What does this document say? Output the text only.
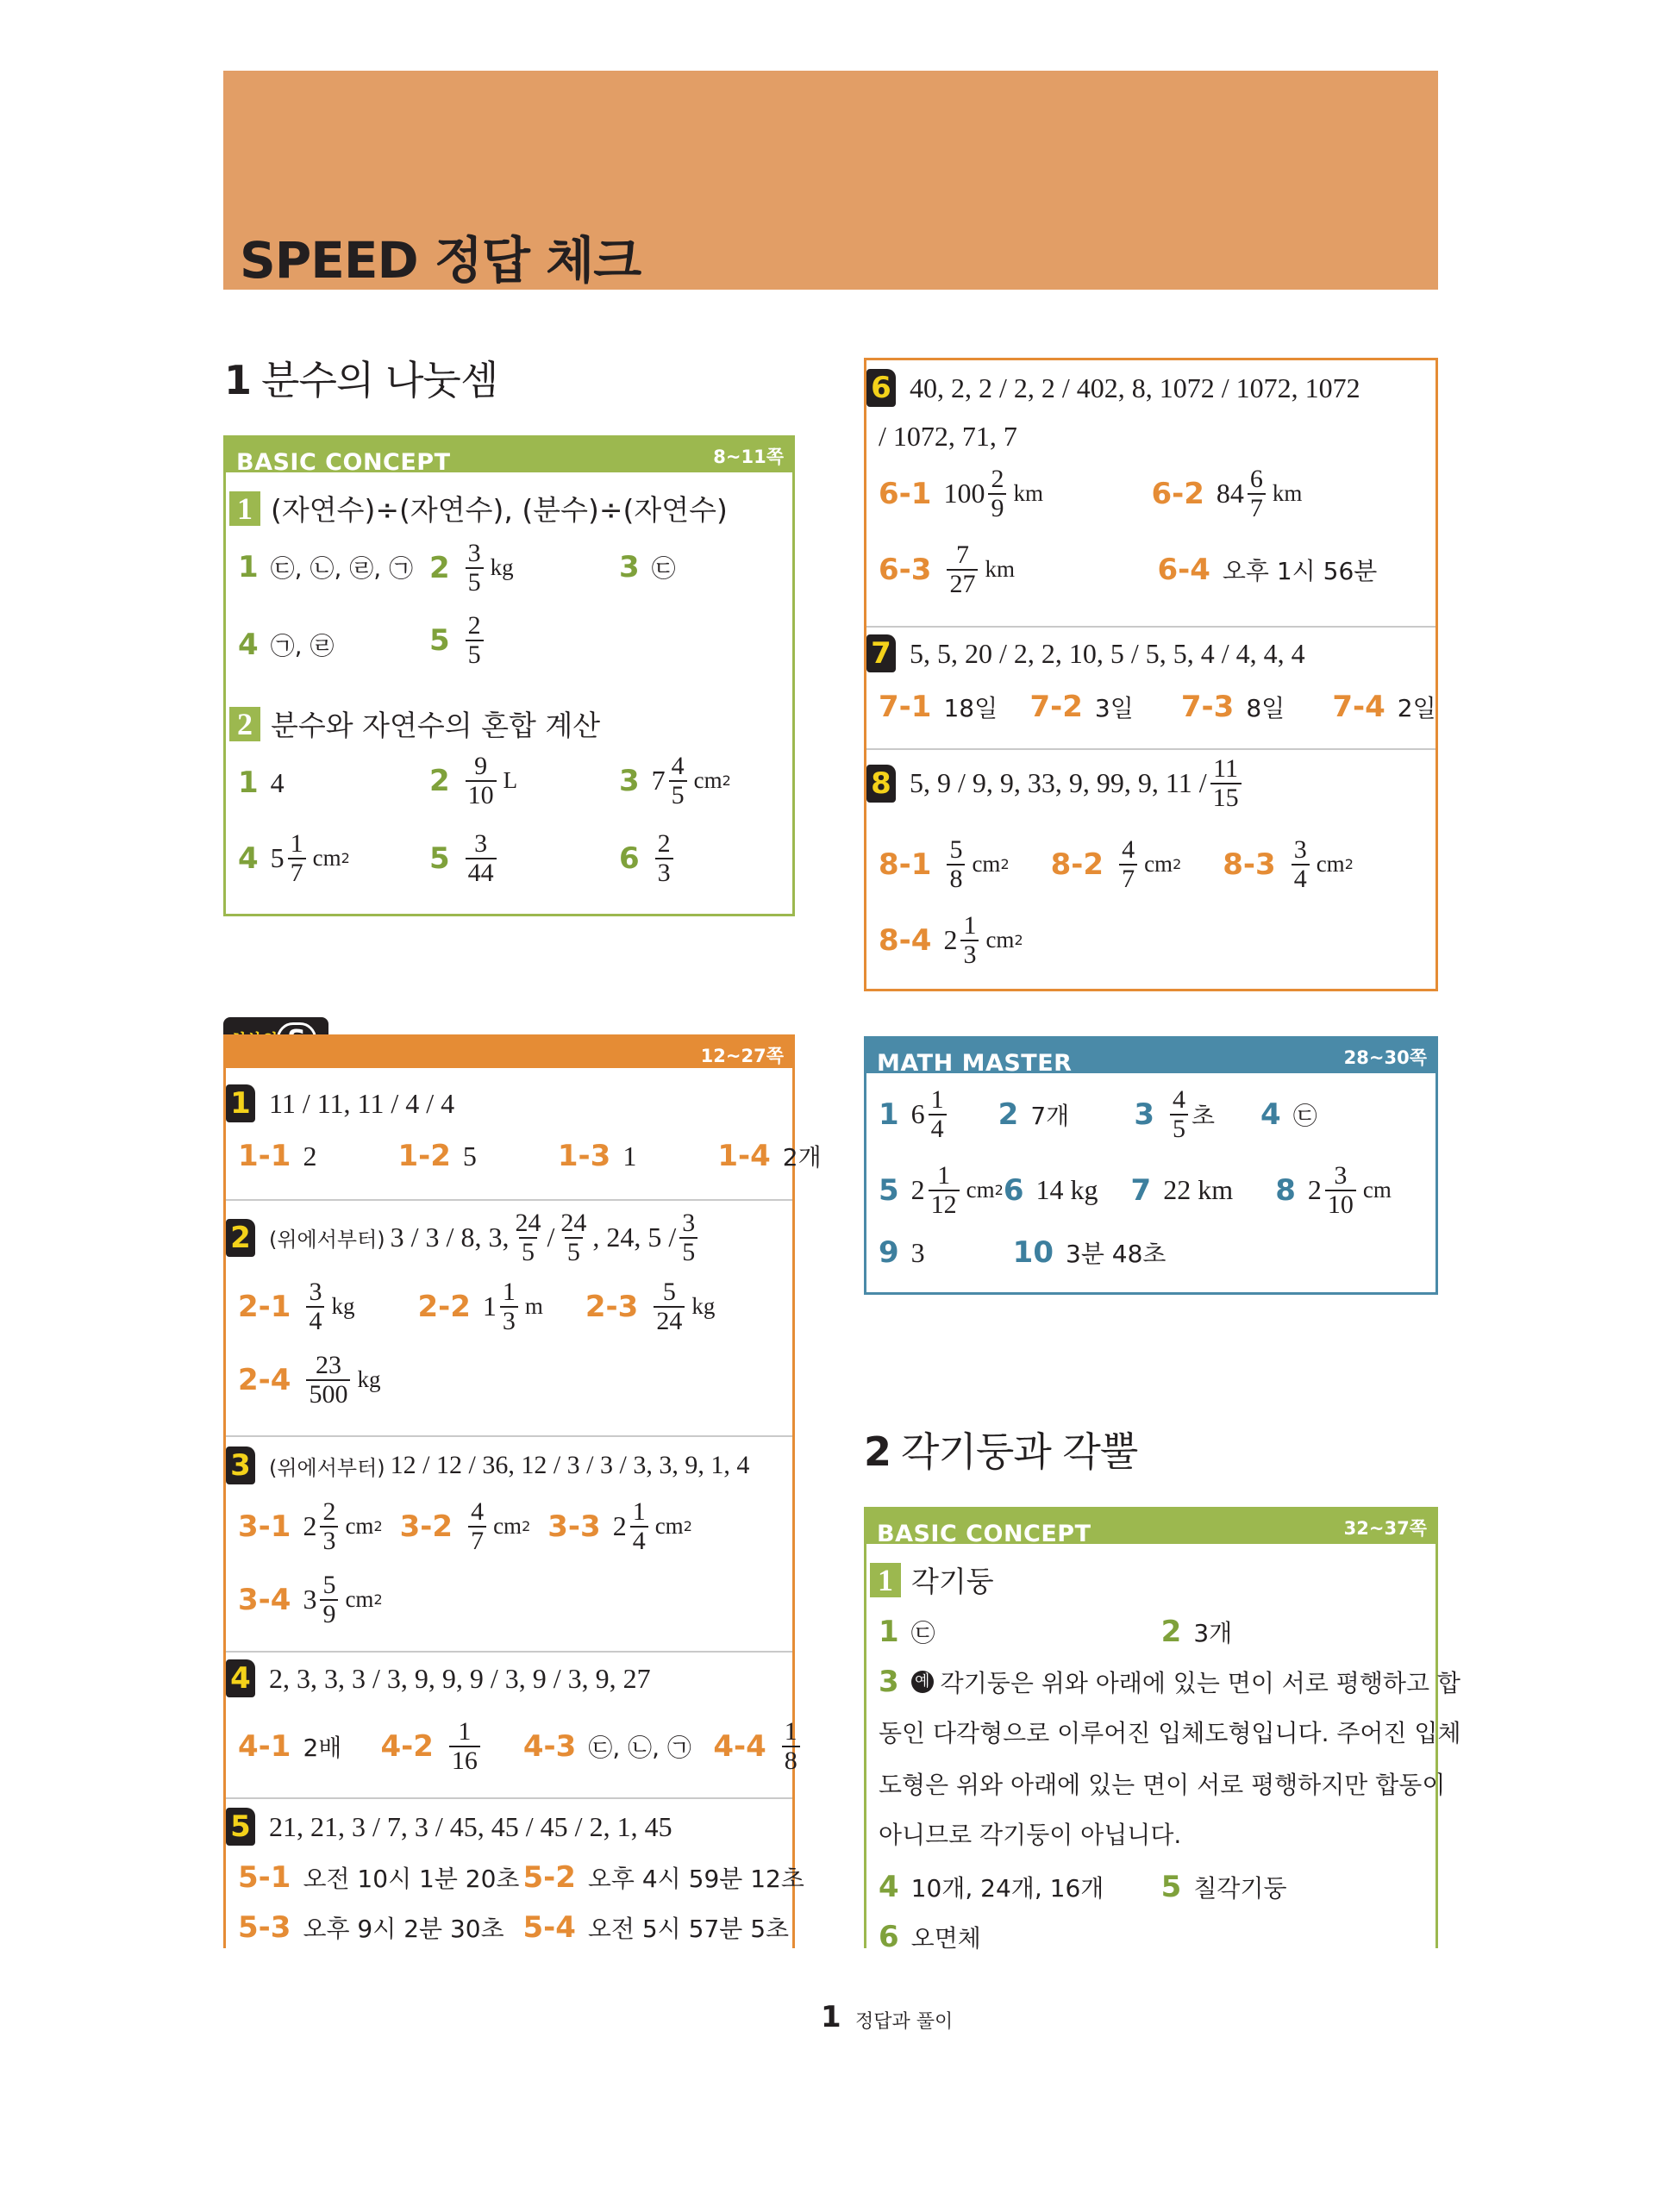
SPEED 정답 체크
1 분수의 나눗셈
BASIC CONCEPT	8~11쪽
1 (자연수)÷(자연수), (분수)÷(자연수)
1 ㉢, ㉡, ㉣, ㉠ $2 \frac{3}{5}$ kg	3 ㉢
4 ㉠, ㉣	$5 \frac{2}{5}$
2 분수와 자연수의 혼합 계산
1 4	$2 \frac{9}{10}$ L	3 $7 \frac{4}{5}$ cm 2
4 $5 \frac{1}{7}$ cm 2	$5 \frac{3}{44}$	$6 \frac{2}{3}$
12~27쪽
1 11 / 11, 11 / 4 / 4
1-1 2	1-2 5	1-3 1	1-4 2개
2 (위에서부터) 3 / 3 / 8, 3, $\frac{24}{5} / \frac{24}{5}$ , 24, $5 / \frac{3}{5}$
$2-1 \frac{3}{4}$ kg	2-2 $1 \frac{1}{3}$ m	$2-3 \frac{5}{24}$ kg
$2-4 \frac{23}{500}$ kg
3 (위에서부터) 12 / 12 / 36, 12 / 3 / 3 / 3, 3, 9, 1, 4
3-1 $2 \frac{2}{3}$ cm 2 $3-2 \frac{4}{7}$ cm 2 3-3 $2 \frac{1}{4}$ cm 2
3-4 $3 \frac{5}{9}$ cm 2
4 2, 3, 3, 3 / 3, 9, 9, 9 / 3, 9 / 3, 9, 27
4-1 2배	$4-2 \frac{1}{16} 4-3$ ㉢, ㉡, ㉠ $4-4 \frac{1}{8}$
5 21, 21, 3 / 7, 3 / 45, 45 / 45 / 2, 1, 45
5-1 오전 10시 1분 20초 5-2 오후 4시 59분 12초
5-3 오후 9시 2분 30초 5-4 오전 5시 57분 5초
6 40, 2, 2 / 2, 2 / 402, 8, 1072 / 1072, 1072
/ 1072, 71, 7
6-1 $100 \frac{2}{9}$ km	6-2 $84 \frac{6}{7}$ km
$6-3 \frac{7}{27}$ km	6-4 오후 1시 56분
7 5, 5, 20 / 2, 2, 10, 5 / 5, 5, 4 / 4, 4, 4
7-1 18일	7-2 3일	7-3 8일	7-4 2일
8 5, 9 / 9, 9, 33, 9, 99, 9, $11 / \frac{11}{15}$
$8-1 \frac{5}{8}$ cm 2 $8-2 \frac{4}{7}$ cm 2 $8-3 \frac{3}{4}$ cm 2
8-4 $2 \frac{1}{3}$ cm 2
MATH MASTER	28~30쪽
1 $6 \frac{1}{4} 2$ 7개	$3 \frac{4}{5}$ 초	4 ㉢
5 $2 \frac{1}{12}$ cm 2 6 14 kg	7 22 km	8 $2 \frac{3}{10}$ cm
9 3	10 3분 48초
2 각기둥과 각뿔
BASIC CONCEPT	32~37쪽
1 각기둥
1 ㉢	2 3개
3 예 각기둥은 위와 아래에 있는 면이 서로 평행하고 합
동인 다각형으로 이루어진 입체도형입니다. 주어진 입체
도형은 위와 아래에 있는 면이 서로 평행하지만 합동이
아니므로 각기둥이 아닙니다.
4 10개, 24개, 16개	5 칠각기둥
6 오면체
1 정답과 풀이
